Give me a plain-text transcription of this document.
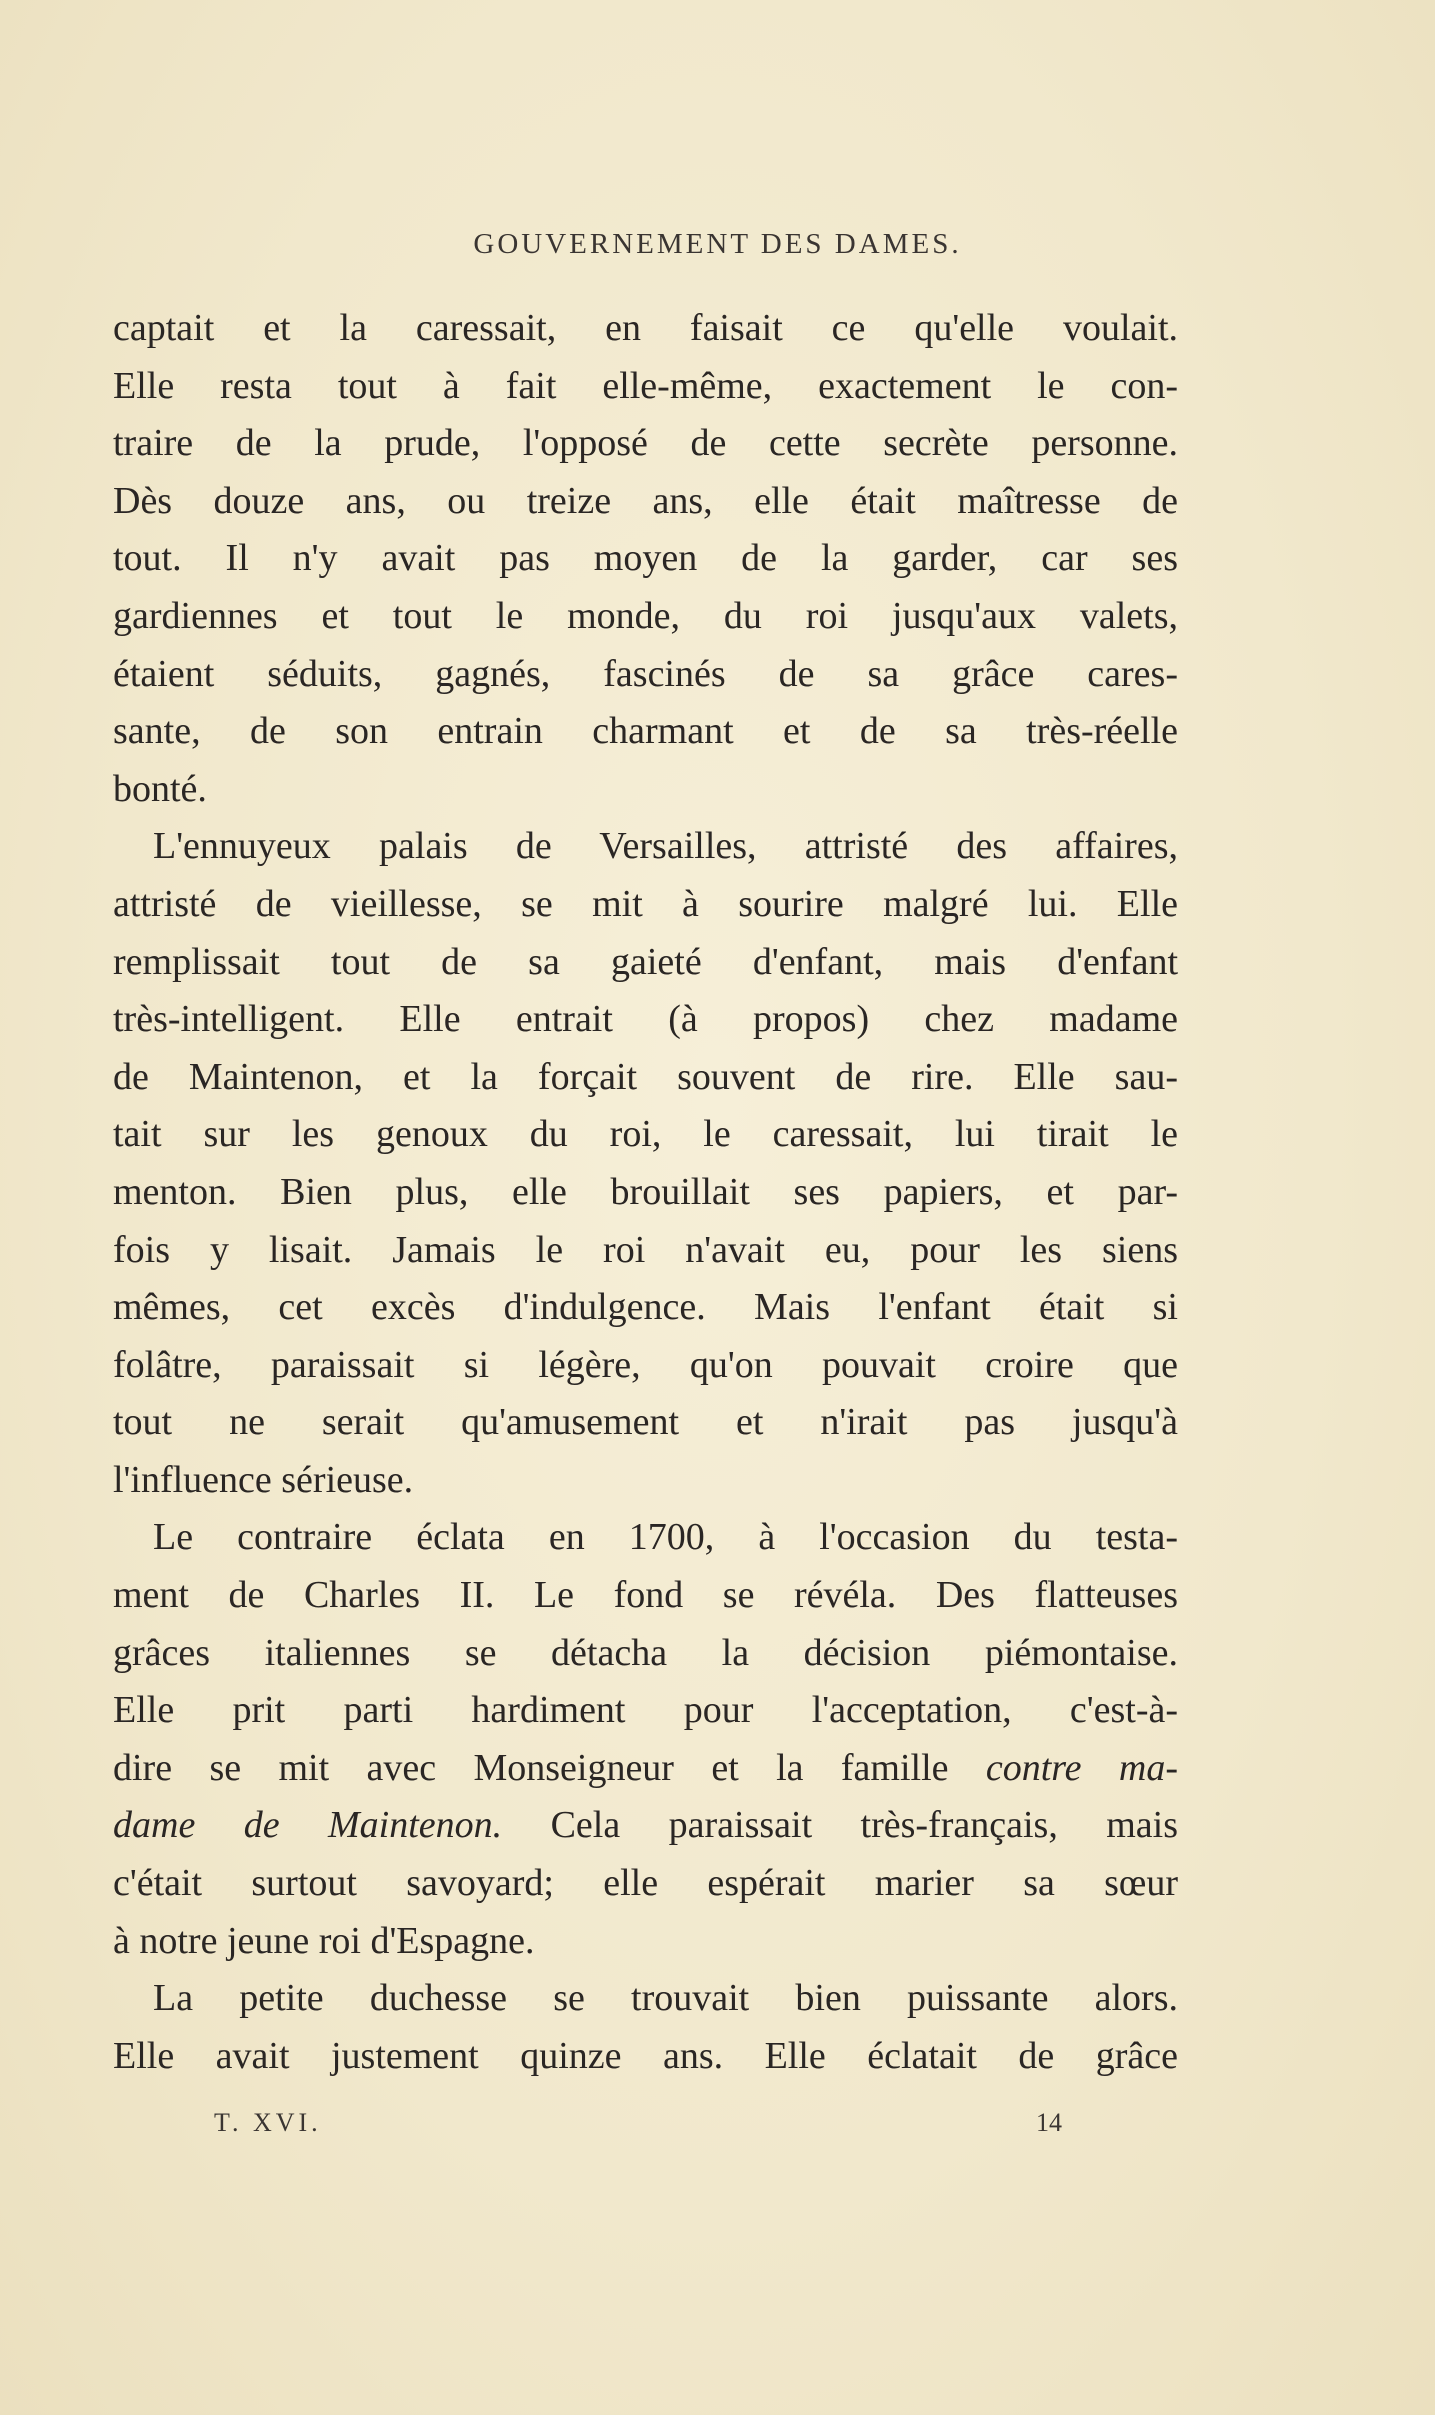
GOUVERNEMENT DES DAMES.
captait et la caressait, en faisait ce qu'elle voulait.
Elle resta tout à fait elle-même, exactement le con-
traire de la prude, l'opposé de cette secrète personne.
Dès douze ans, ou treize ans, elle était maîtresse de
tout. Il n'y avait pas moyen de la garder, car ses
gardiennes et tout le monde, du roi jusqu'aux valets,
étaient séduits, gagnés, fascinés de sa grâce cares-
sante, de son entrain charmant et de sa très-réelle
bonté.
L'ennuyeux palais de Versailles, attristé des affaires,
attristé de vieillesse, se mit à sourire malgré lui. Elle
remplissait tout de sa gaieté d'enfant, mais d'enfant
très-intelligent. Elle entrait (à propos) chez madame
de Maintenon, et la forçait souvent de rire. Elle sau-
tait sur les genoux du roi, le caressait, lui tirait le
menton. Bien plus, elle brouillait ses papiers, et par-
fois y lisait. Jamais le roi n'avait eu, pour les siens
mêmes, cet excès d'indulgence. Mais l'enfant était si
folâtre, paraissait si légère, qu'on pouvait croire que
tout ne serait qu'amusement et n'irait pas jusqu'à
l'influence sérieuse.
Le contraire éclata en 1700, à l'occasion du testa-
ment de Charles II. Le fond se révéla. Des flatteuses
grâces italiennes se détacha la décision piémontaise.
Elle prit parti hardiment pour l'acceptation, c'est-à-
dire se mit avec Monseigneur et la famille contre ma-
dame de Maintenon. Cela paraissait très-français, mais
c'était surtout savoyard; elle espérait marier sa sœur
à notre jeune roi d'Espagne.
La petite duchesse se trouvait bien puissante alors.
Elle avait justement quinze ans. Elle éclatait de grâce
T. XVI.	14
